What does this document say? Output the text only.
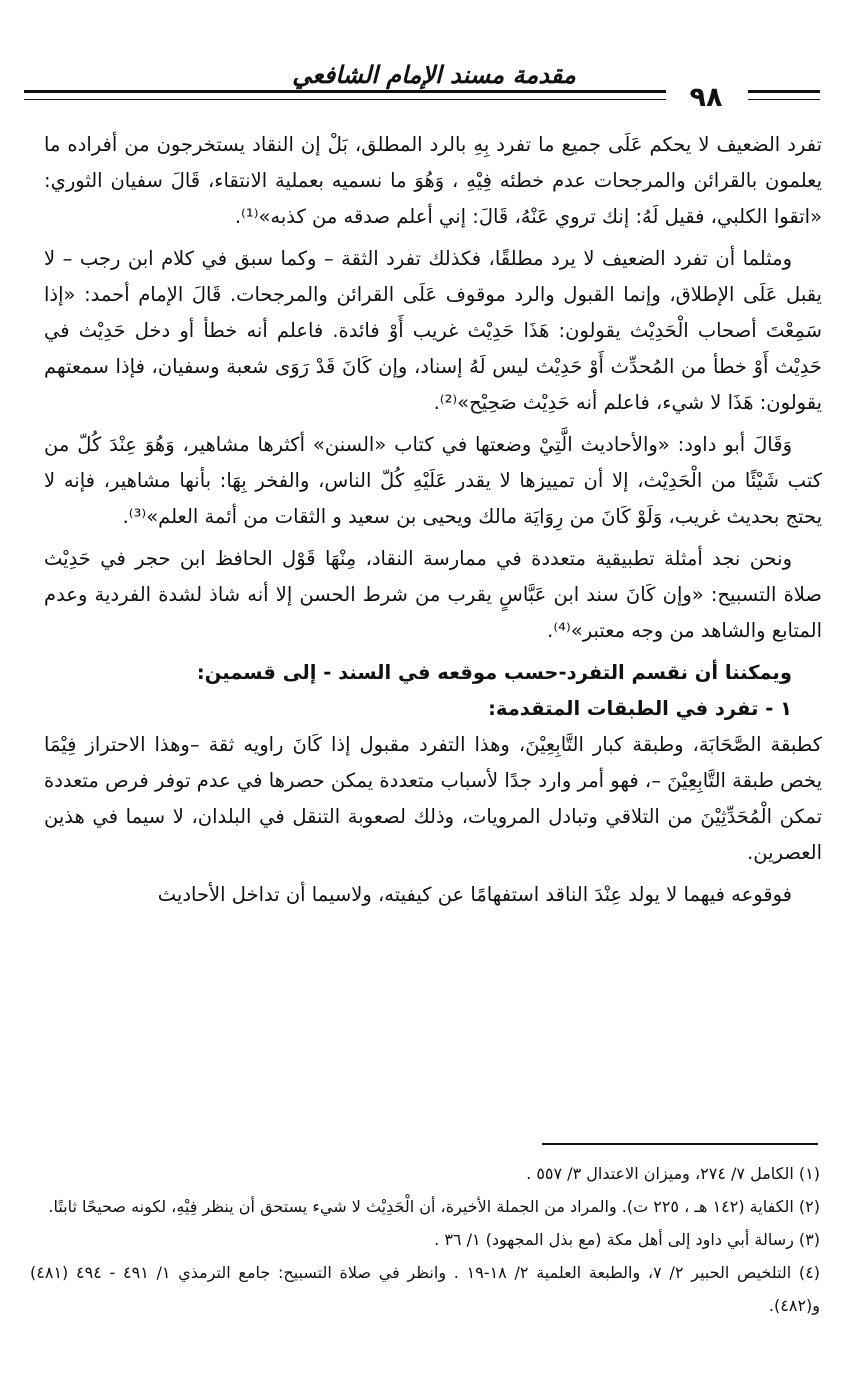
مقدمة مسند الإمام الشافعي
٩٨

تفرد الضعيف لا يحكم عَلَى جميع ما تفرد بِهِ بالرد المطلق، بَلْ إن النقاد يستخرجون من أفراده ما يعلمون بالقرائن والمرجحات عدم خطئه فِيْهِ ، وَهُوَ ما نسميه بعملية الانتقاء، قَالَ سفيان الثوري: «اتقوا الكلبي، فقيل لَهُ: إنك تروي عَنْهُ، قَالَ: إني أعلم صدقه من كذبه»⁽¹⁾.

ومثلما أن تفرد الضعيف لا يرد مطلقًا، فكذلك تفرد الثقة – وكما سبق في كلام ابن رجب – لا يقبل عَلَى الإطلاق، وإنما القبول والرد موقوف عَلَى القرائن والمرجحات. قَالَ الإمام أحمد: «إذا سَمِعْتَ أصحاب الْحَدِيْث يقولون: هَذَا حَدِيْث غريب أَوْ فائدة. فاعلم أنه خطأ أو دخل حَدِيْث في حَدِيْث أَوْ خطأ من المُحدِّث أَوْ حَدِيْث ليس لَهُ إسناد، وإن كَانَ قَدْ رَوَى شعبة وسفيان، فإذا سمعتهم يقولون: هَذَا لا شيء، فاعلم أنه حَدِيْث صَحِيْح»⁽²⁾.

وَقَالَ أبو داود: «والأحاديث الَّتِيْ وضعتها في كتاب «السنن» أكثرها مشاهير، وَهُوَ عِنْدَ كُلّ من كتب شَيْئًا من الْحَدِيْث، إلا أن تمييزها لا يقدر عَلَيْهِ كُلّ الناس، والفخر بِهَا: بأنها مشاهير، فإنه لا يحتج بحديث غريب، وَلَوْ كَانَ من رِوَايَة مالك ويحيى بن سعيد و الثقات من أئمة العلم»⁽³⁾.

ونحن نجد أمثلة تطبيقية متعددة في ممارسة النقاد، مِنْهَا قَوْل الحافظ ابن حجر في حَدِيْث صلاة التسبيح: «وإن كَانَ سند ابن عَبَّاسٍ يقرب من شرط الحسن إلا أنه شاذ لشدة الفردية وعدم المتابع والشاهد من وجه معتبر»⁽⁴⁾.

ويمكننا أن نقسم التفرد-حسب موقعه في السند - إلى قسمين:
١ - تفرد في الطبقات المتقدمة:

كطبقة الصَّحَابَة، وطبقة كبار التَّابِعِيْنَ، وهذا التفرد مقبول إذا كَانَ راويه ثقة –وهذا الاحتراز فِيْمَا يخص طبقة التَّابِعِيْنَ –، فهو أمر وارد جدًا لأسباب متعددة يمكن حصرها في عدم توفر فرص متعددة تمكن الْمُحَدِّثِيْنَ من التلاقي وتبادل المرويات، وذلك لصعوبة التنقل في البلدان، لا سيما في هذين العصرين.

فوقوعه فيهما لا يولد عِنْدَ الناقد استفهامًا عن كيفيته، ولاسيما أن تداخل الأحاديث

(١) الكامل ٧/ ٢٧٤، وميزان الاعتدال ٣/ ٥٥٧ .

(٢) الكفاية (١٤٢ هـ ، ٢٢٥ ت). والمراد من الجملة الأخيرة، أن الْحَدِيْث لا شيء يستحق أن ينظر فِيْهِ، لكونه صحيحًا ثابتًا.

(٣) رسالة أبي داود إلى أهل مكة (مع بذل المجهود) ١/ ٣٦ .

(٤) التلخيص الحبير ٢/ ٧، والطبعة العلمية ٢/ ١٨-١٩ . وانظر في صلاة التسبيح: جامع الترمذي ١/ ٤٩١ - ٤٩٤ (٤٨١) و(٤٨٢).
